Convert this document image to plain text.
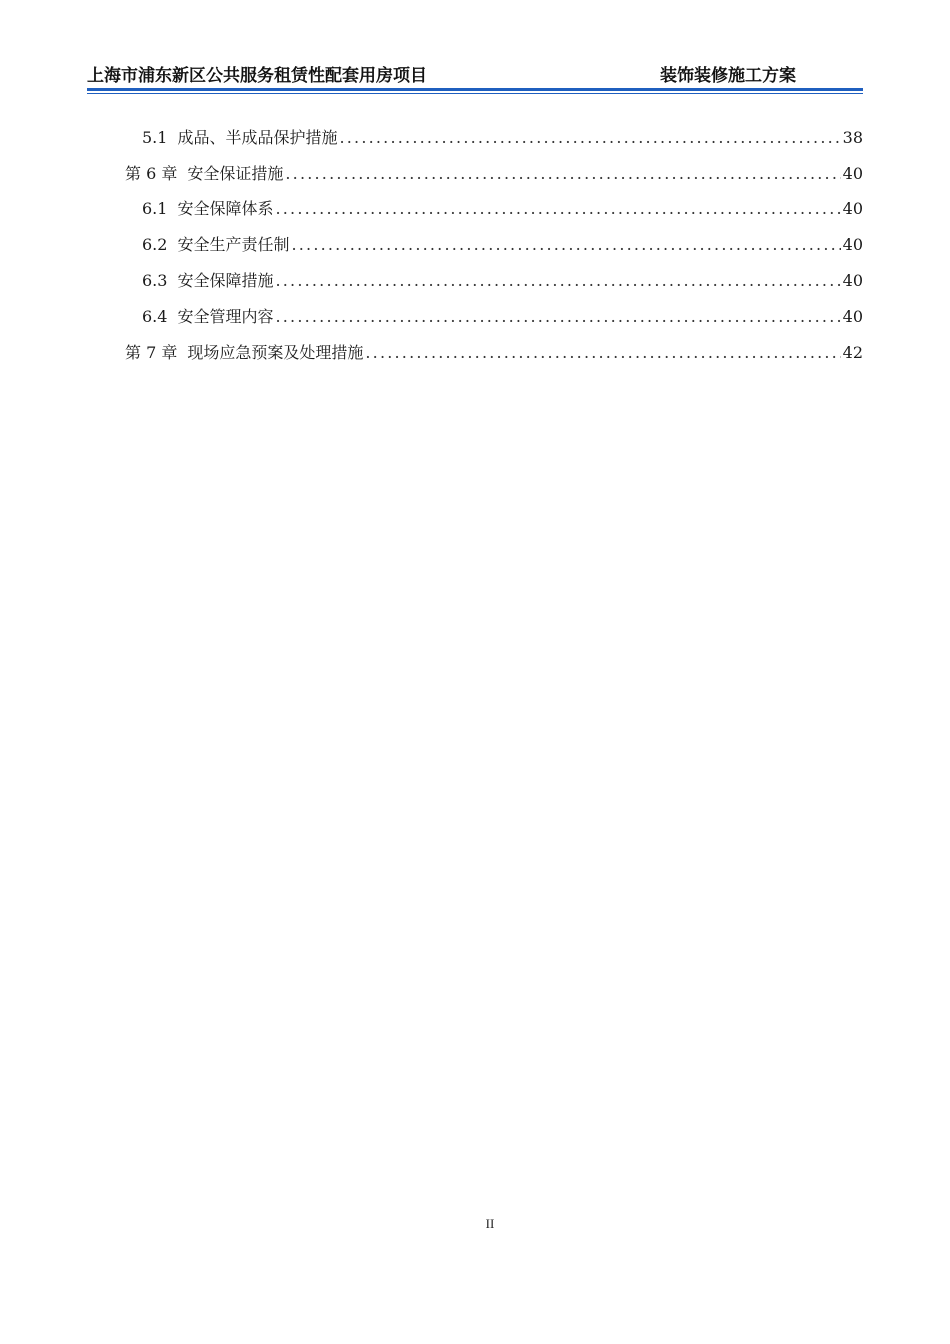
上海市浦东新区公共服务租赁性配套用房项目	装饰装修施工方案
5.1 成品、半成品保护措施 .....	38
第 6 章 安全保证措施 .....	40
6.1 安全保障体系 .....	40
6.2 安全生产责任制 .....	40
6.3 安全保障措施 .....	40
6.4 安全管理内容 .....	40
第 7 章 现场应急预案及处理措施 .....	42
II
